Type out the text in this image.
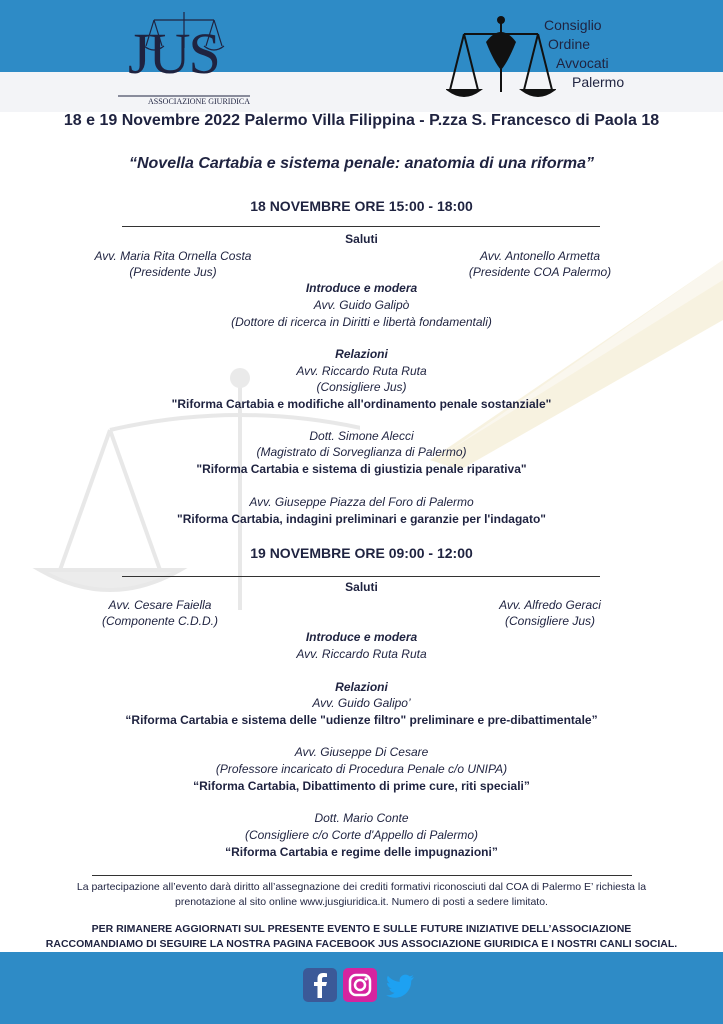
JUS
ASSOCIAZIONE GIURIDICA
Consiglio
Ordine
Avvocati
Palermo
18 e 19 Novembre 2022 Palermo Villa Filippina - P.zza S. Francesco di Paola 18
“Novella Cartabia e sistema penale: anatomia di una riforma”
18 NOVEMBRE ORE 15:00 - 18:00
Saluti
Avv. Maria Rita Ornella Costa
(Presidente Jus)
Avv. Antonello Armetta
(Presidente COA Palermo)
Introduce e modera
Avv. Guido Galipò
(Dottore di ricerca in Diritti e libertà fondamentali)
Relazioni
Avv. Riccardo Ruta Ruta
(Consigliere Jus)
"Riforma Cartabia e modifiche all'ordinamento penale sostanziale"
Dott. Simone Alecci
(Magistrato di Sorveglianza di Palermo)
"Riforma Cartabia e sistema di giustizia penale riparativa"
Avv. Giuseppe Piazza del Foro di Palermo
"Riforma Cartabia, indagini preliminari e garanzie per l'indagato"
19 NOVEMBRE ORE 09:00 - 12:00
Saluti
Avv. Cesare Faiella
(Componente C.D.D.)
Avv. Alfredo Geraci
(Consigliere Jus)
Introduce e modera
Avv. Riccardo Ruta Ruta
Relazioni
Avv. Guido Galipo’
“Riforma Cartabia e sistema delle "udienze filtro" preliminare e pre-dibattimentale”
Avv. Giuseppe Di Cesare
(Professore incaricato di Procedura Penale c/o UNIPA)
“Riforma Cartabia, Dibattimento di prime cure, riti speciali”
Dott. Mario Conte
(Consigliere c/o Corte d'Appello di Palermo)
“Riforma Cartabia e regime delle impugnazioni”
La partecipazione all’evento darà diritto all’assegnazione dei crediti formativi riconosciuti dal COA di Palermo E’ richiesta la
prenotazione al sito online www.jusgiuridica.it. Numero di posti a sedere limitato.
PER RIMANERE AGGIORNATI SUL PRESENTE EVENTO E SULLE FUTURE INIZIATIVE DELL’ASSOCIAZIONE
RACCOMANDIAMO DI SEGUIRE LA NOSTRA PAGINA FACEBOOK JUS ASSOCIAZIONE GIURIDICA E I NOSTRI CANLI SOCIAL.
